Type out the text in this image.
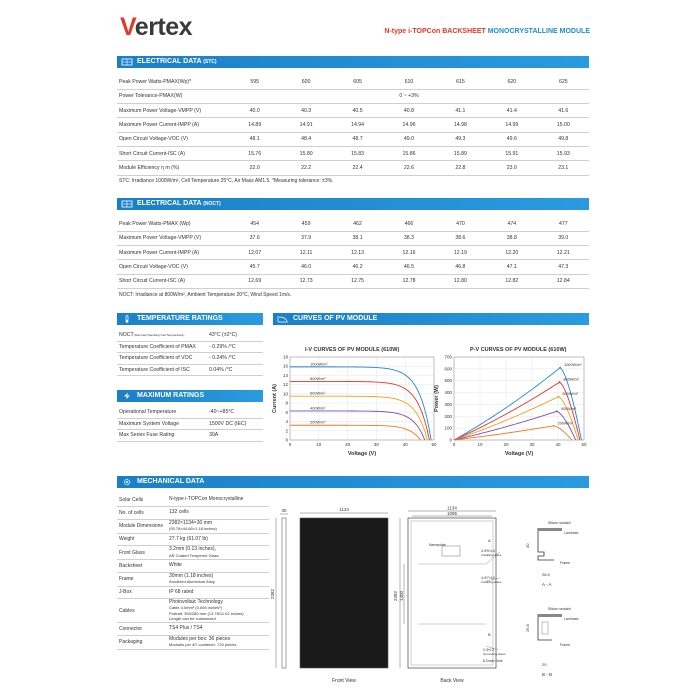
Vertex	N-type i-TOPCon BACKSHEET MONOCRYSTALLINE MODULE
ELECTRICAL DATA (STC)
Peak Power Watts-PMAX(Wp)*	595	600	605	610	615	620	625
Power Tolerance-PMAX(W)	0 ~ +3%						
Maximum Power Voltage-VMPP (V)	40.0	40.3	40.5	40.8	41.1	41.4	41.6
Maximum Power Current-IMPP (A)	14.89	14.91	14.94	14.96	14.98	14.99	15.00
Open Circuit Voltage-VOC (V)	48.1	48.4	48.7	49.0	49.3	49.6	49.8
Short Circuit Current-ISC (A)	15.76	15.80	15.83	15.86	15.89	15.91	15.93
Module Efficiency η m (%)	22.0	22.2	22.4	22.6	22.8	23.0	23.1
STC: Irradiance 1000W/m², Cell Temperature 25°C, Air Mass AM1.5. *Measuring tolerance: ±3%.
ELECTRICAL DATA (NOCT)
Peak Power Watts-PMAX (Wp)	454	459	462	466	470	474	477
Maximum Power Voltage-VMPP (V)	37.6	37.9	38.1	38.3	38.6	38.8	39.0
Maximum Power Current-IMPP (A)	12.07	12.11	12.13	12.16	12.19	12.20	12.21
Open Circuit Voltage-VOC (V)	45.7	46.0	46.2	46.5	46.8	47.1	47.3
Short Circuit Current-ISC (A)	12.69	12.73	12.75	12.78	12.80	12.82	12.84
NOCT: Irradiance at 800W/m², Ambient Temperature 20°C, Wind Speed 1m/s.
TEMPERATURE RATINGS
NOCT(Nominal Operating Cell Temperature)	43°C (±2°C)
Temperature Coefficient of PMAX	- 0.29% /°C
Temperature Coefficient of VOC	- 0.24% /°C
Temperature Coefficient of ISC	0.04% /°C
MAXIMUM RATINGS
Operational Temperature	-40~+85°C
Maximum System Voltage	1500V DC (IEC)
Max Series Fuse Rating	30A
CURVES OF PV MODULE
I-V CURVES OF PV MODULE (610W)	P-V CURVES OF PV MODULE (610W)
0	10	20	30	40	50
0
2
4
6
8
10
12
14
16
18
Voltage (V)
Current (A)
1000W/m²
800W/m²
600W/m²
400W/m²
200W/m²
0	10	20	30	40	50
0
100
200
300
400
500
600
700
Voltage (V)
Power (W)
1000W/m²
800W/m²
600W/m²
400W/m²
200W/m²
MECHANICAL DATA
Solar Cells	N-type i-TOPCon Monocrystalline

No. of cells	132 cells

Module Dimensions	2382×1134×30 mm
(93.78×44.65×1.18 inches)

Weight	27.7 kg (61.07 lb)

Front Glass	3.2mm (0.13 inches),
AR Coated Tempered Glass

Backsheet	White

Frame	30mm (1.18 inches)
Anodized Aluminium Alloy

J-Box	IP 68 rated

Cables	Photovoltaic Technology
Cable 4.0mm² (0.006 inches²)
Portrait: 350/280 mm (13.78/11.02 inches)
Length can be customized

Connector	TS4 Plus / TS4

Packaging	Modules per box: 36 pieces
Modules per 40' container: 720 pieces
30
2382
1134
Front View
1134
1095
Nameplate
2382 1400
4-Φ9×14
Installing Holes
4-Φ7×10
Installing Holes
2-Φ4.3
Grounding Holes
8-Drain Hole
A
B
Back View
Silicon sealant
Laminate
Frame
30
28.5
A - A
Silicon sealant
Laminate
Frame
26.8
20
B - B
